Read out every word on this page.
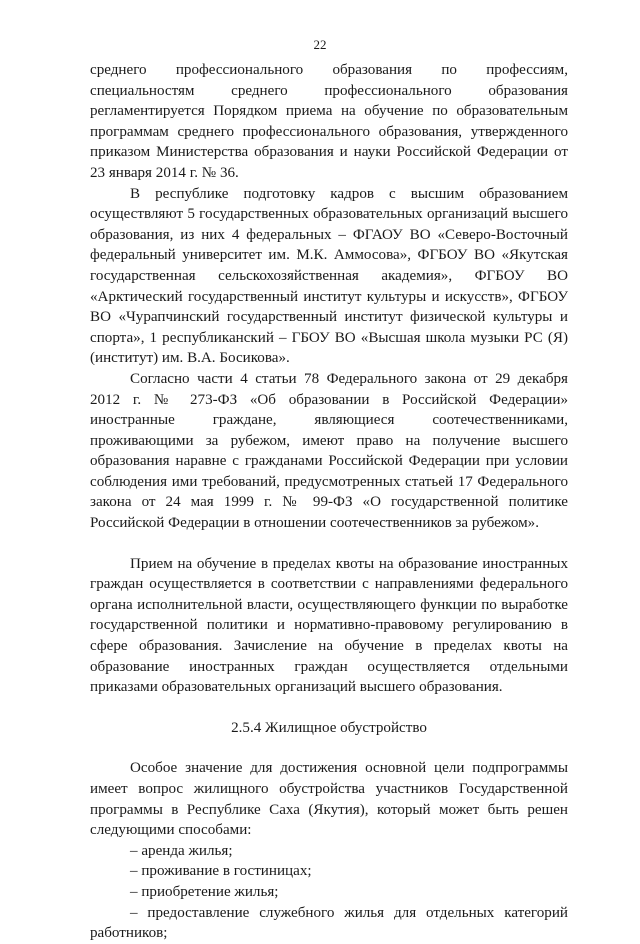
22

среднего профессионального образования по профессиям, специальностям среднего профессионального образования регламентируется Порядком приема на обучение по образовательным программам среднего профессионального образования, утвержденного приказом Министерства образования и науки Российской Федерации от 23 января 2014 г. № 36.

В республике подготовку кадров с высшим образованием осуществляют 5 государственных образовательных организаций высшего образования, из них 4 федеральных – ФГАОУ ВО «Северо-Восточный федеральный университет им. М.К. Аммосова», ФГБОУ ВО «Якутская государственная сельскохозяйственная академия», ФГБОУ ВО «Арктический государственный институт культуры и искусств», ФГБОУ ВО «Чурапчинский государственный институт физической культуры и спорта», 1 республиканский – ГБОУ ВО «Высшая школа музыки РС (Я) (институт) им. В.А. Босикова».

Согласно части 4 статьи 78 Федерального закона от 29 декабря 2012 г. № 273-ФЗ «Об образовании в Российской Федерации» иностранные граждане, являющиеся соотечественниками, проживающими за рубежом, имеют право на получение высшего образования наравне с гражданами Российской Федерации при условии соблюдения ими требований, предусмотренных статьей 17 Федерального закона от 24 мая 1999 г. № 99-ФЗ «О государственной политике Российской Федерации в отношении соотечественников за рубежом».

Прием на обучение в пределах квоты на образование иностранных граждан осуществляется в соответствии с направлениями федерального органа исполнительной власти, осуществляющего функции по выработке государственной политики и нормативно-правовому регулированию в сфере образования. Зачисление на обучение в пределах квоты на образование иностранных граждан осуществляется отдельными приказами образовательных организаций высшего образования.

2.5.4 Жилищное обустройство

Особое значение для достижения основной цели подпрограммы имеет вопрос жилищного обустройства участников Государственной программы в Республике Саха (Якутия), который может быть решен следующими способами:

– аренда жилья;

– проживание в гостиницах;

– приобретение жилья;

– предоставление служебного жилья для отдельных категорий работников;
